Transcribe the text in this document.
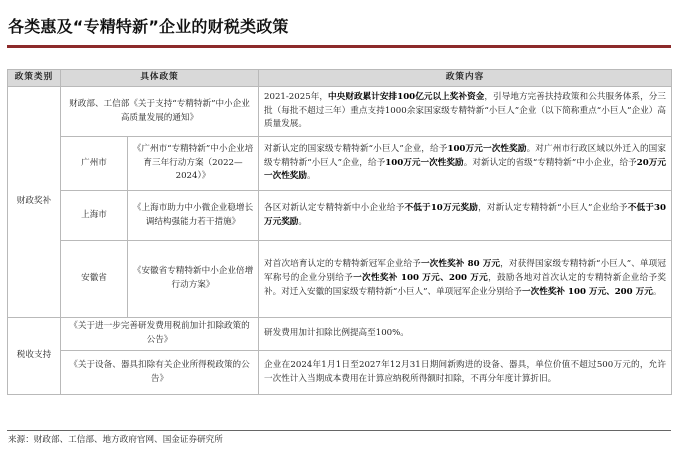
各类惠及“专精特新”企业的财税类政策
政策类别	具体政策		政策内容
财政奖补	财政部、工信部《关于支持“专精特新”中小企业高质量发展的通知》		2021-2025年，中央财政累计安排100亿元以上奖补资金，引导地方完善扶持政策和公共服务体系，分三批（每批不超过三年）重点支持1000余家国家级专精特新“小巨人”企业（以下简称重点“小巨人”企业）高质量发展。
	广州市	《广州市“专精特新”中小企业培育三年行动方案（2022—2024）》	对新认定的国家级专精特新“小巨人”企业，给予100万元一次性奖励。对广州市行政区域以外迁入的国家级专精特新“小巨人”企业，给予100万元一次性奖励。对新认定的省级“专精特新”中小企业，给予20万元一次性奖励。
	上海市	《上海市助力中小微企业稳增长调结构强能力若干措施》	各区对新认定专精特新中小企业给予不低于10万元奖励，对新认定专精特新“小巨人”企业给予不低于30万元奖励。
	安徽省	《安徽省专精特新中小企业倍增行动方案》	对首次培育认定的专精特新冠军企业给予一次性奖补 80 万元，对获得国家级专精特新“小巨人”、单项冠军称号的企业分别给予一次性奖补 100 万元、200 万元，鼓励各地对首次认定的专精特新企业给予奖补。对迁入安徽的国家级专精特新“小巨人”、单项冠军企业分别给予一次性奖补 100 万元、200 万元。
税收支持	《关于进一步完善研发费用税前加计扣除政策的公告》		研发费用加计扣除比例提高至100%。
	《关于设备、器具扣除有关企业所得税政策的公告》		企业在2024年1月1日至2027年12月31日期间新购进的设备、器具，单位价值不超过500万元的，允许一次性计入当期成本费用在计算应纳税所得额时扣除，不再分年度计算折旧。
来源：财政部、工信部、地方政府官网、国金证券研究所
